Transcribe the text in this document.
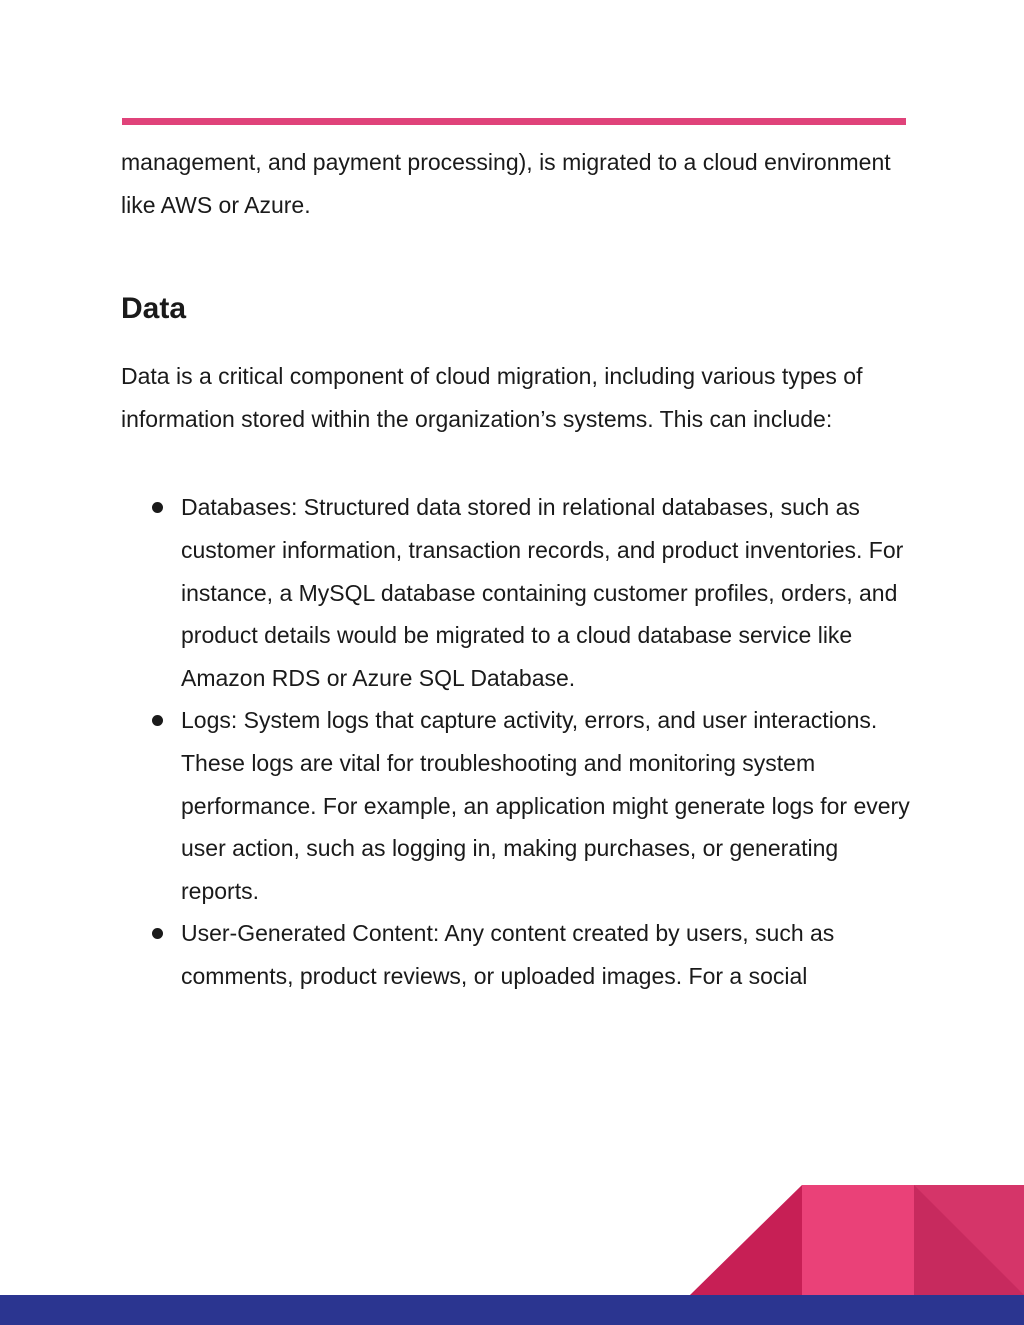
management, and payment processing), is migrated to a cloud environment like AWS or Azure.

Data

Data is a critical component of cloud migration, including various types of information stored within the organization’s systems. This can include:

Databases: Structured data stored in relational databases, such as customer information, transaction records, and product inventories. For instance, a MySQL database containing customer profiles, orders, and product details would be migrated to a cloud database service like Amazon RDS or Azure SQL Database.
Logs: System logs that capture activity, errors, and user interactions. These logs are vital for troubleshooting and monitoring system performance. For example, an application might generate logs for every user action, such as logging in, making purchases, or generating reports.
User-Generated Content: Any content created by users, such as comments, product reviews, or uploaded images. For a social
